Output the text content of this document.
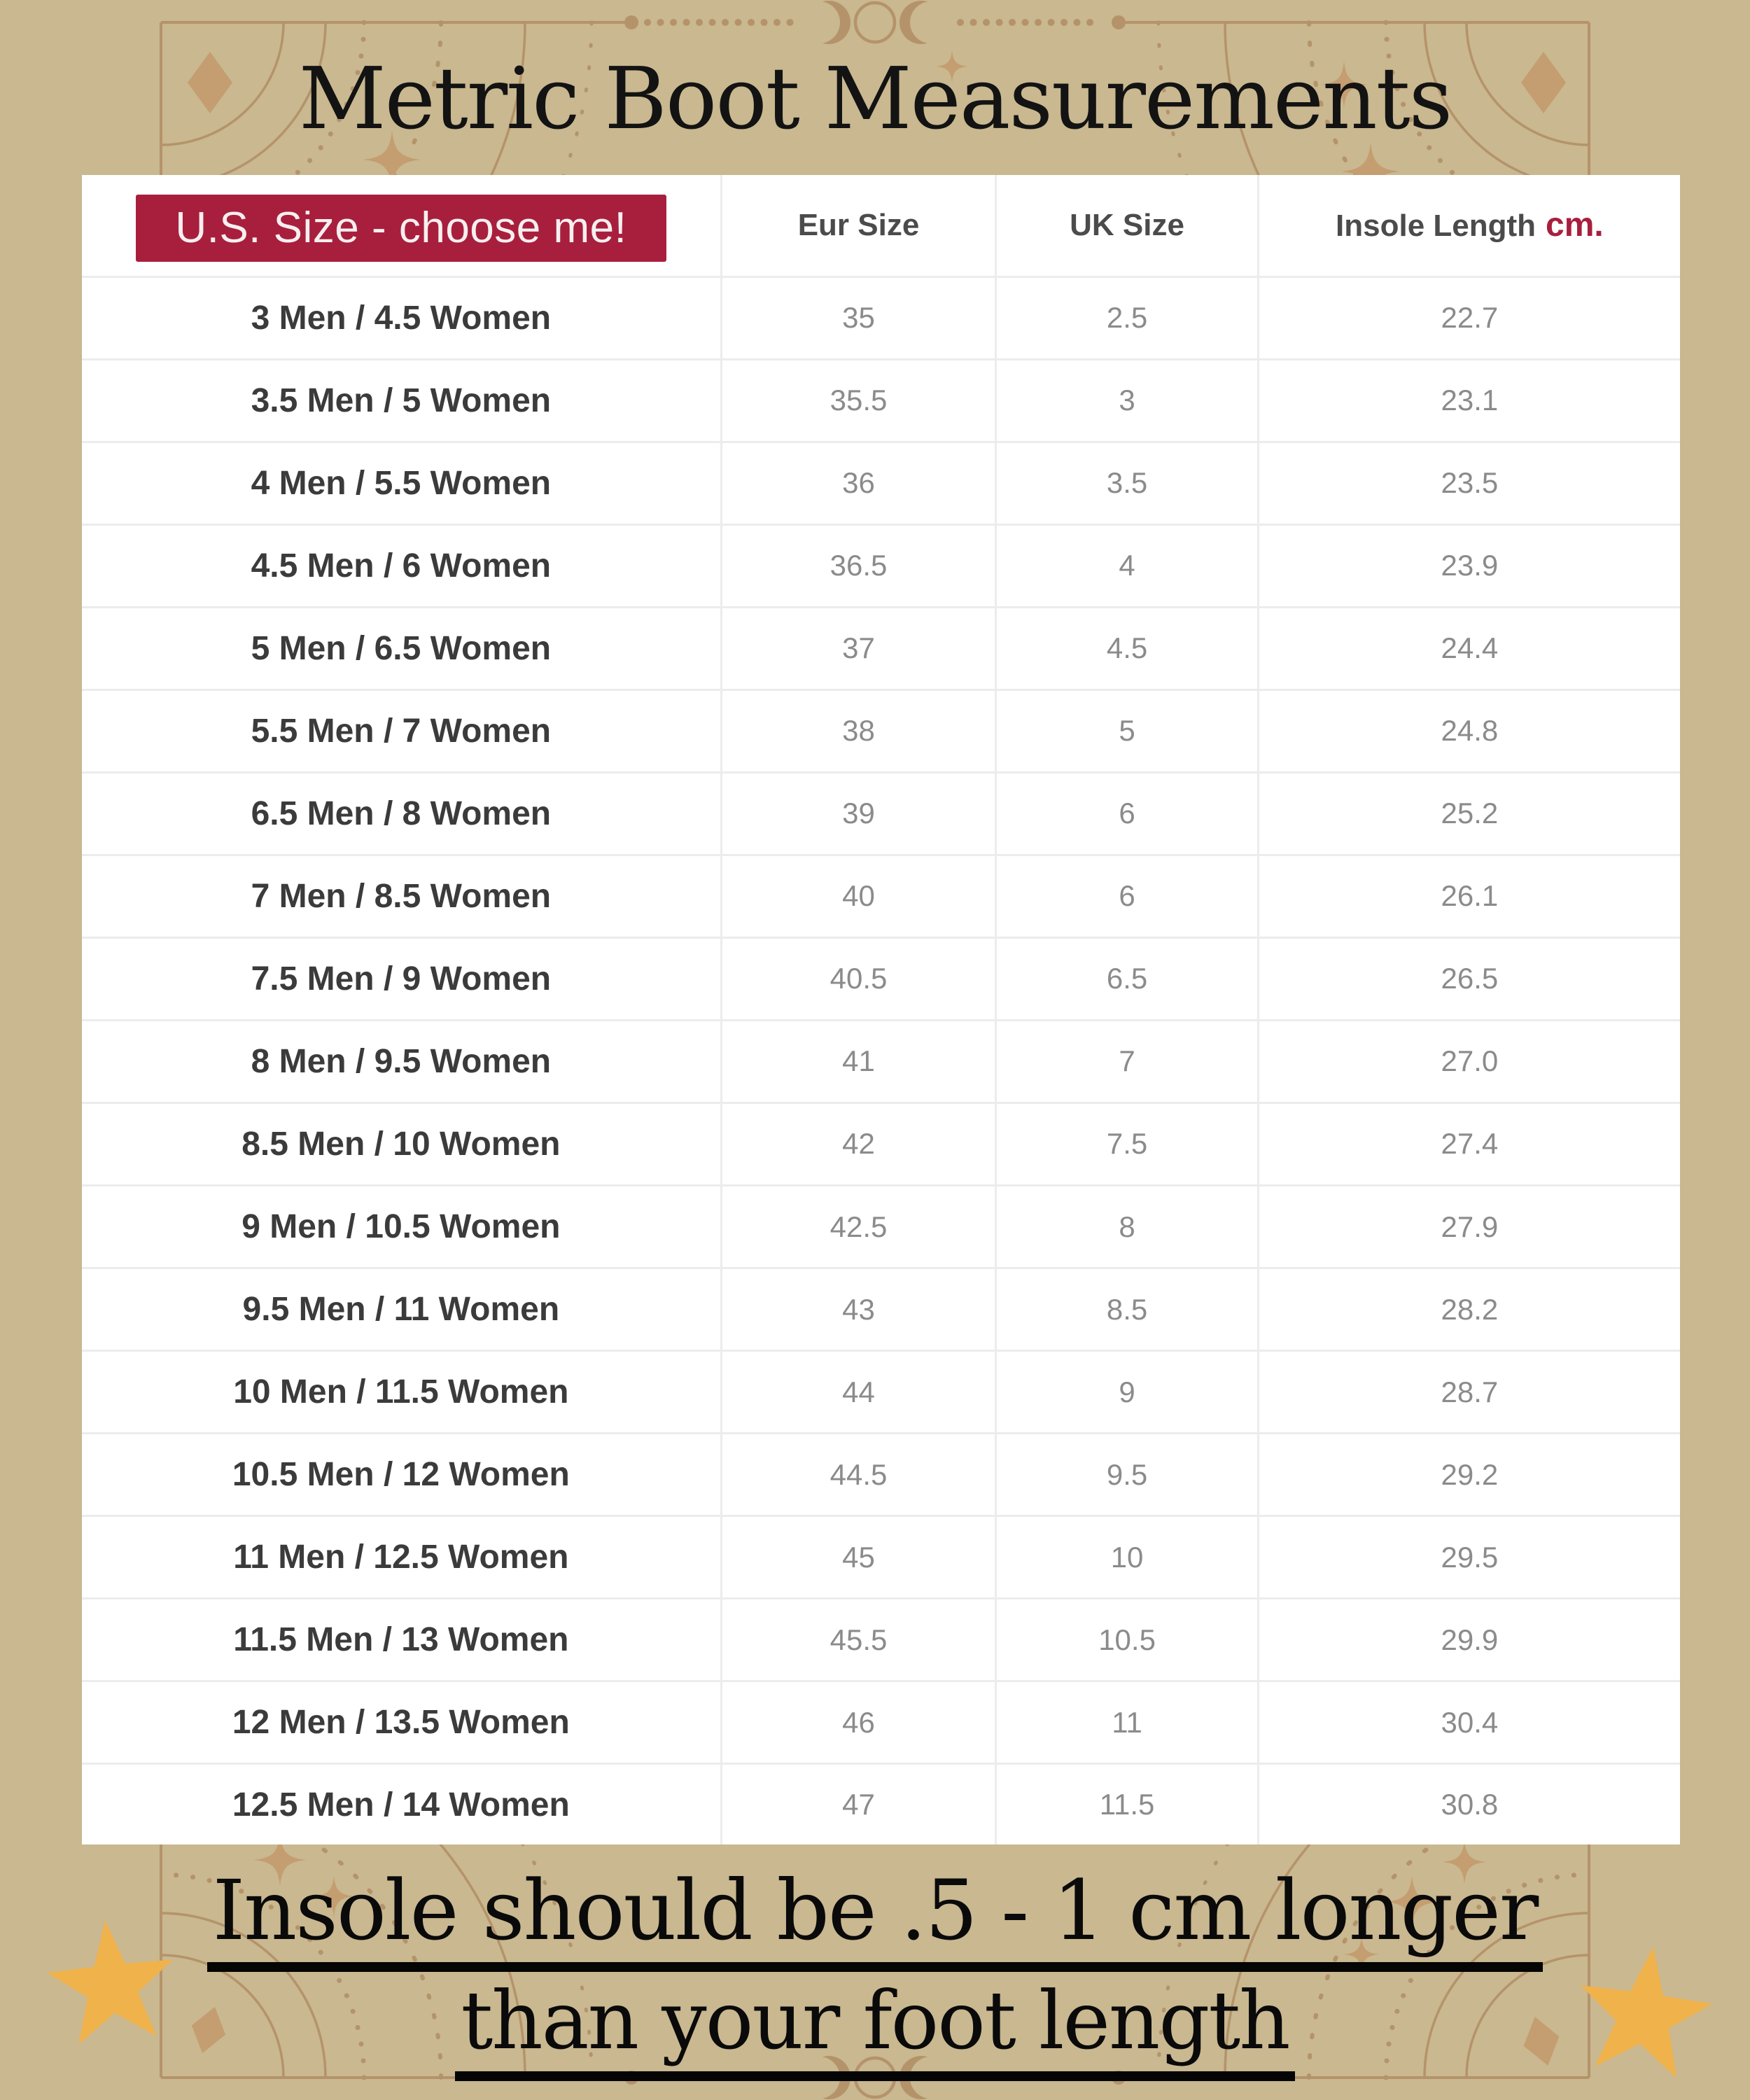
Metric Boot Measurements
U.S. Size - choose me!	Eur Size	UK Size	Insole Length cm.
3 Men / 4.5 Women	35	2.5	22.7
3.5 Men / 5 Women	35.5	3	23.1
4 Men / 5.5 Women	36	3.5	23.5
4.5 Men / 6 Women	36.5	4	23.9
5 Men / 6.5 Women	37	4.5	24.4
5.5 Men / 7 Women	38	5	24.8
6.5 Men / 8 Women	39	6	25.2
7 Men / 8.5 Women	40	6	26.1
7.5 Men / 9 Women	40.5	6.5	26.5
8 Men / 9.5 Women	41	7	27.0
8.5 Men / 10 Women	42	7.5	27.4
9 Men / 10.5 Women	42.5	8	27.9
9.5 Men / 11 Women	43	8.5	28.2
10 Men / 11.5 Women	44	9	28.7
10.5 Men / 12 Women	44.5	9.5	29.2
11 Men / 12.5 Women	45	10	29.5
11.5 Men / 13 Women	45.5	10.5	29.9
12 Men / 13.5 Women	46	11	30.4
12.5 Men / 14 Women	47	11.5	30.8
Insole should be .5 - 1 cm longer
than your foot length
